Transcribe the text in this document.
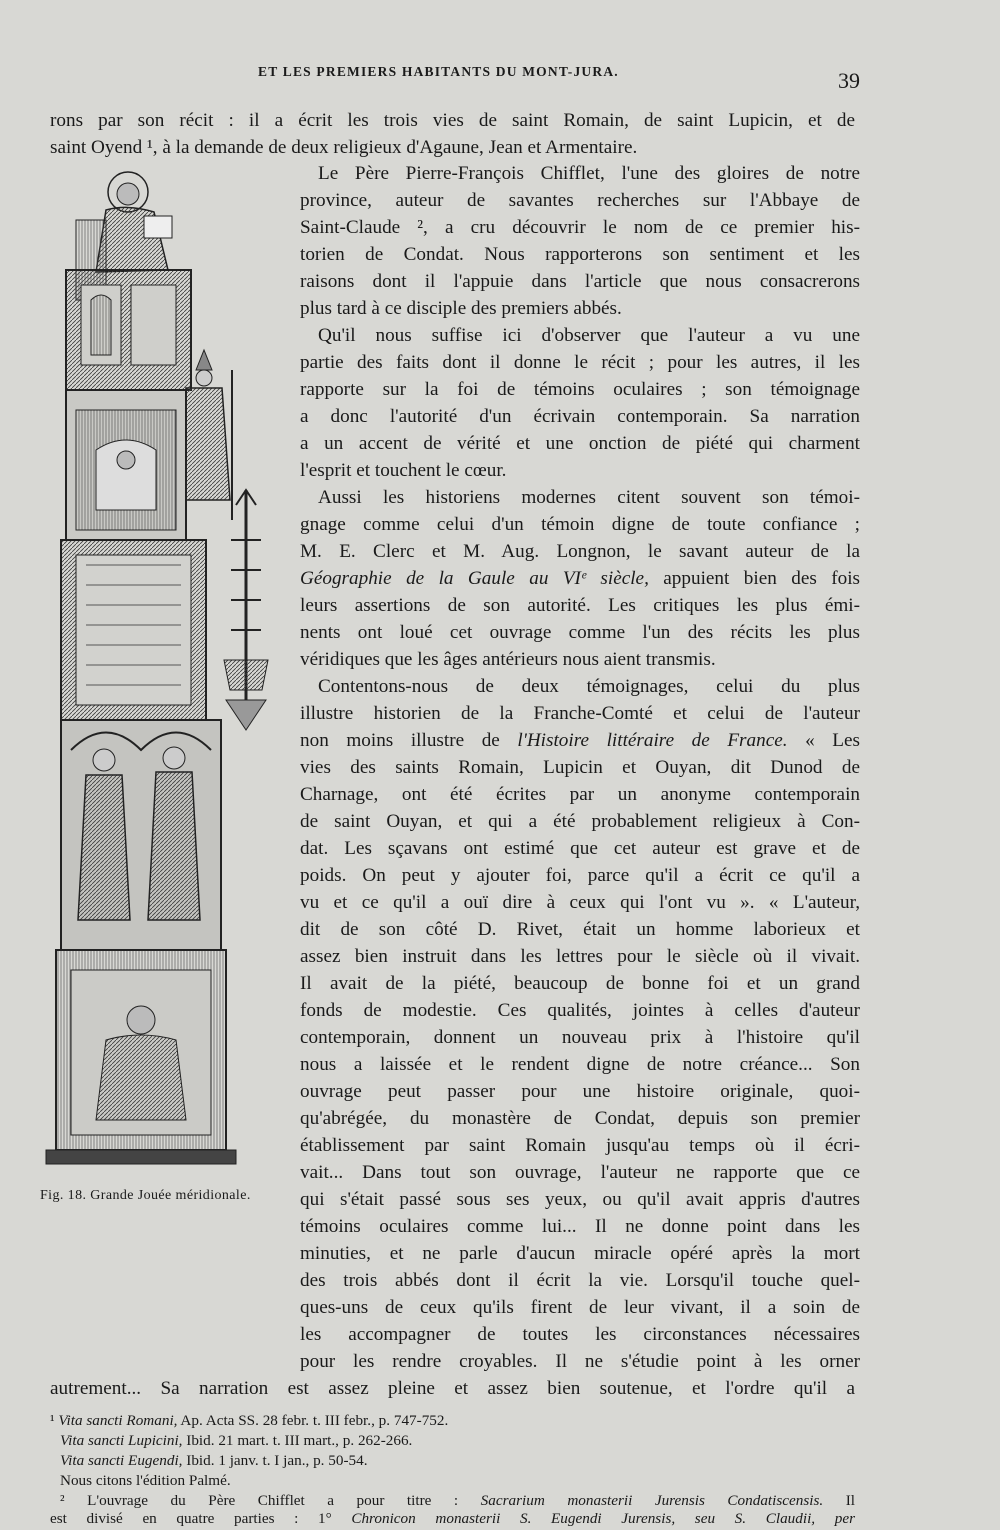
ET LES PREMIERS HABITANTS DU MONT-JURA.	39
rons par son récit : il a écrit les trois vies de saint Romain, de saint Lupicin, et de
saint Oyend ¹, à la demande de deux religieux d'Agaune, Jean et Armentaire.
Fig. 18. Grande Jouée méridionale.
Le Père Pierre-François Chifflet, l'une des gloires de notre
province, auteur de savantes recherches sur l'Abbaye de
Saint-Claude ², a cru découvrir le nom de ce premier his-
torien de Condat. Nous rapporterons son sentiment et les
raisons dont il l'appuie dans l'article que nous consacrerons
plus tard à ce disciple des premiers abbés.
Qu'il nous suffise ici d'observer que l'auteur a vu une
partie des faits dont il donne le récit ; pour les autres, il les
rapporte sur la foi de témoins oculaires ; son témoignage
a donc l'autorité d'un écrivain contemporain. Sa narration
a un accent de vérité et une onction de piété qui charment
l'esprit et touchent le cœur.
Aussi les historiens modernes citent souvent son témoi-
gnage comme celui d'un témoin digne de toute confiance ;
M. E. Clerc et M. Aug. Longnon, le savant auteur de la
Géographie de la Gaule au VIᵉ siècle, appuient bien des fois
leurs assertions de son autorité. Les critiques les plus émi-
nents ont loué cet ouvrage comme l'un des récits les plus
véridiques que les âges antérieurs nous aient transmis.
Contentons-nous de deux témoignages, celui du plus
illustre historien de la Franche-Comté et celui de l'auteur
non moins illustre de l'Histoire littéraire de France. « Les
vies des saints Romain, Lupicin et Ouyan, dit Dunod de
Charnage, ont été écrites par un anonyme contemporain
de saint Ouyan, et qui a été probablement religieux à Con-
dat. Les sçavans ont estimé que cet auteur est grave et de
poids. On peut y ajouter foi, parce qu'il a écrit ce qu'il a
vu et ce qu'il a ouï dire à ceux qui l'ont vu ». « L'auteur,
dit de son côté D. Rivet, était un homme laborieux et
assez bien instruit dans les lettres pour le siècle où il vivait.
Il avait de la piété, beaucoup de bonne foi et un grand
fonds de modestie. Ces qualités, jointes à celles d'auteur
contemporain, donnent un nouveau prix à l'histoire qu'il
nous a laissée et le rendent digne de notre créance... Son
ouvrage peut passer pour une histoire originale, quoi-
qu'abrégée, du monastère de Condat, depuis son premier
établissement par saint Romain jusqu'au temps où il écri-
vait... Dans tout son ouvrage, l'auteur ne rapporte que ce
qui s'était passé sous ses yeux, ou qu'il avait appris d'autres
témoins oculaires comme lui... Il ne donne point dans les
minuties, et ne parle d'aucun miracle opéré après la mort
des trois abbés dont il écrit la vie. Lorsqu'il touche quel-
ques-uns de ceux qu'ils firent de leur vivant, il a soin de
les accompagner de toutes les circonstances nécessaires
pour les rendre croyables. Il ne s'étudie point à les orner
autrement... Sa narration est assez pleine et assez bien soutenue, et l'ordre qu'il a
¹ Vita sancti Romani, Ap. Acta SS. 28 febr. t. III febr., p. 747-752.
Vita sancti Lupicini, Ibid. 21 mart. t. III mart., p. 262-266.
Vita sancti Eugendi, Ibid. 1 janv. t. I jan., p. 50-54.
Nous citons l'édition Palmé.
² L'ouvrage du Père Chifflet a pour titre : Sacrarium monasterii Jurensis Condatiscensis. Il
est divisé en quatre parties : 1° Chronicon monasterii S. Eugendi Jurensis, seu S. Claudii, per
